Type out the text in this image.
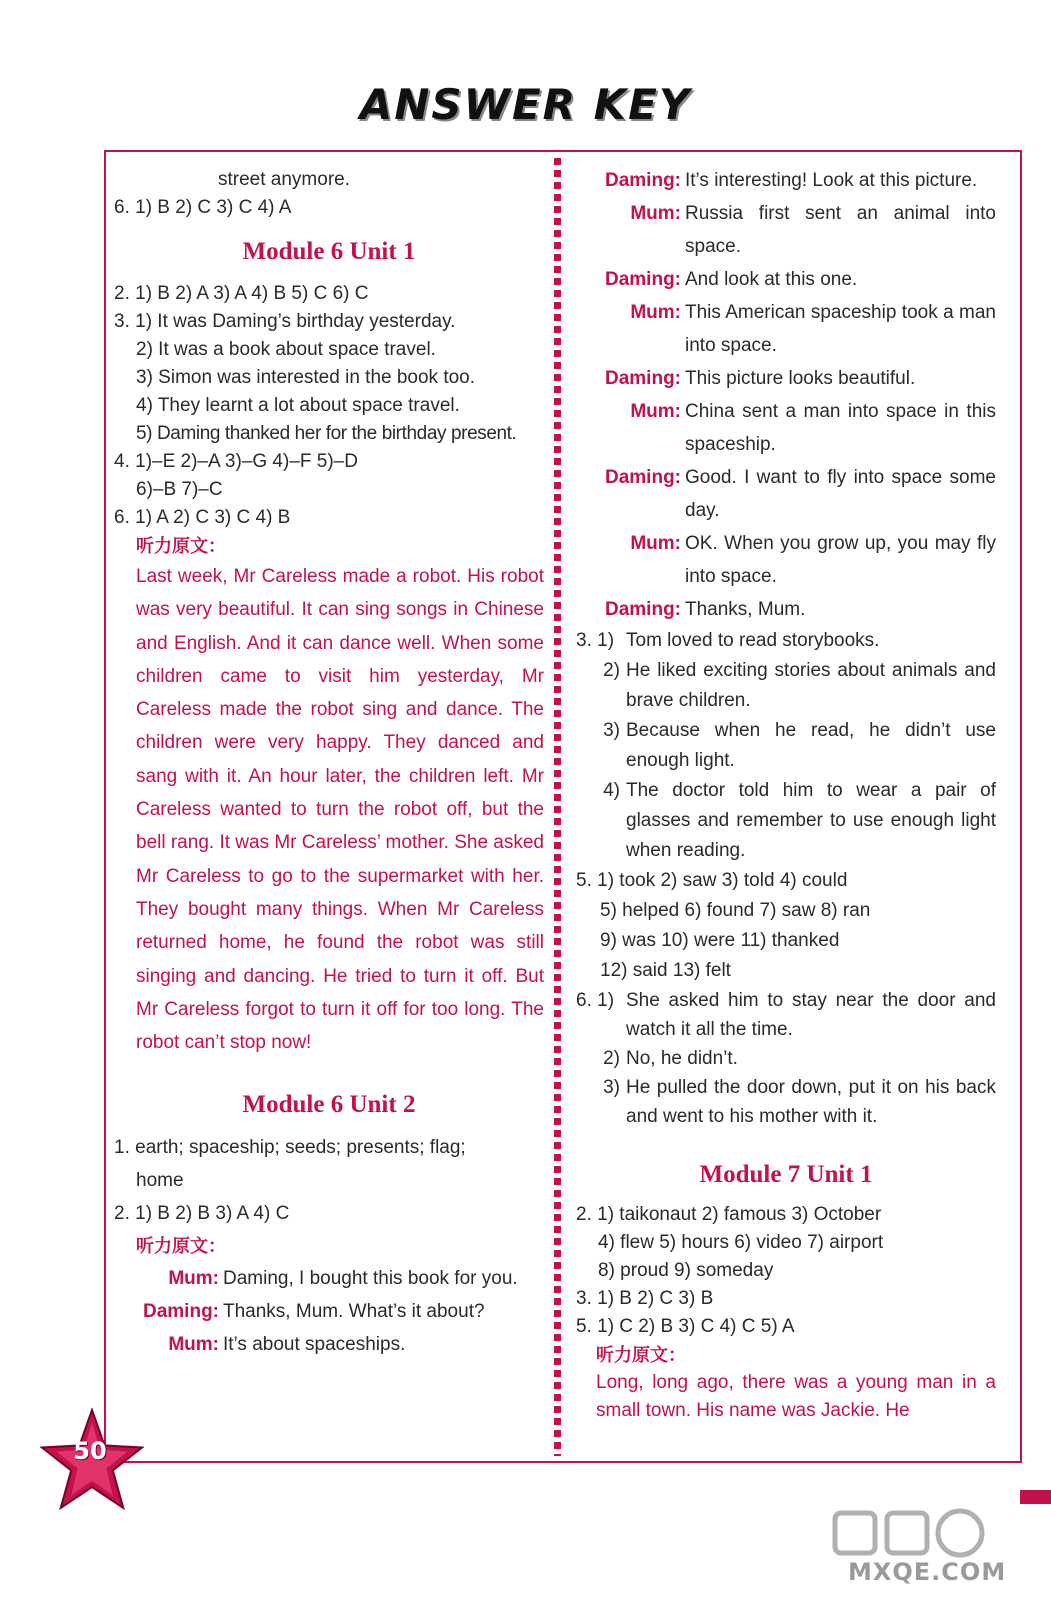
ANSWER KEY
street anymore.
6. 1) B 2) C 3) C 4) A
Module 6 Unit 1
2. 1) B 2) A 3) A 4) B 5) C 6) C
3. 1) It was Daming’s birthday yesterday.
2) It was a book about space travel.
3) Simon was interested in the book too.
4) They learnt a lot about space travel.
5) Daming thanked her for the birthday present.
4. 1)–E 2)–A 3)–G 4)–F 5)–D
6)–B 7)–C
6. 1) A 2) C 3) C 4) B
听力原文：
Last week, Mr Careless made a robot. His robot was very beautiful. It can sing songs in Chinese and English. And it can dance well. When some children came to visit him yesterday, Mr Careless made the robot sing and dance. The children were very happy. They danced and sang with it. An hour later, the children left. Mr Careless wanted to turn the robot off, but the bell rang. It was Mr Careless’ mother. She asked Mr Careless to go to the supermarket with her. They bought many things. When Mr Careless returned home, he found the robot was still singing and dancing. He tried to turn it off. But Mr Careless forgot to turn it off for too long. The robot can’t stop now!
Module 6 Unit 2
1. earth; spaceship; seeds; presents; flag;
home
2. 1) B 2) B 3) A 4) C
听力原文：
Mum: Daming, I bought this book for you.
Daming: Thanks, Mum. What’s it about?
Mum: It’s about spaceships.
Daming: It’s interesting! Look at this picture.
Mum: Russia first sent an animal into space.
Daming: And look at this one.
Mum: This American spaceship took a man into space.
Daming: This picture looks beautiful.
Mum: China sent a man into space in this spaceship.
Daming: Good. I want to fly into space some day.
Mum: OK. When you grow up, you may fly into space.
Daming: Thanks, Mum.
3. 1) Tom loved to read storybooks.
2) He liked exciting stories about animals and brave children.
3) Because when he read, he didn’t use enough light.
4) The doctor told him to wear a pair of glasses and remember to use enough light when reading.
5. 1) took 2) saw 3) told 4) could
5) helped 6) found 7) saw 8) ran
9) was 10) were 11) thanked
12) said 13) felt
6. 1) She asked him to stay near the door and watch it all the time.
2) No, he didn’t.
3) He pulled the door down, put it on his back and went to his mother with it.
Module 7 Unit 1
2. 1) taikonaut 2) famous 3) October
4) flew 5) hours 6) video 7) airport
8) proud 9) someday
3. 1) B 2) C 3) B
5. 1) C 2) B 3) C 4) C 5) A
听力原文：
Long, long ago, there was a young man in a small town. His name was Jackie. He
50
MXQE.COM
